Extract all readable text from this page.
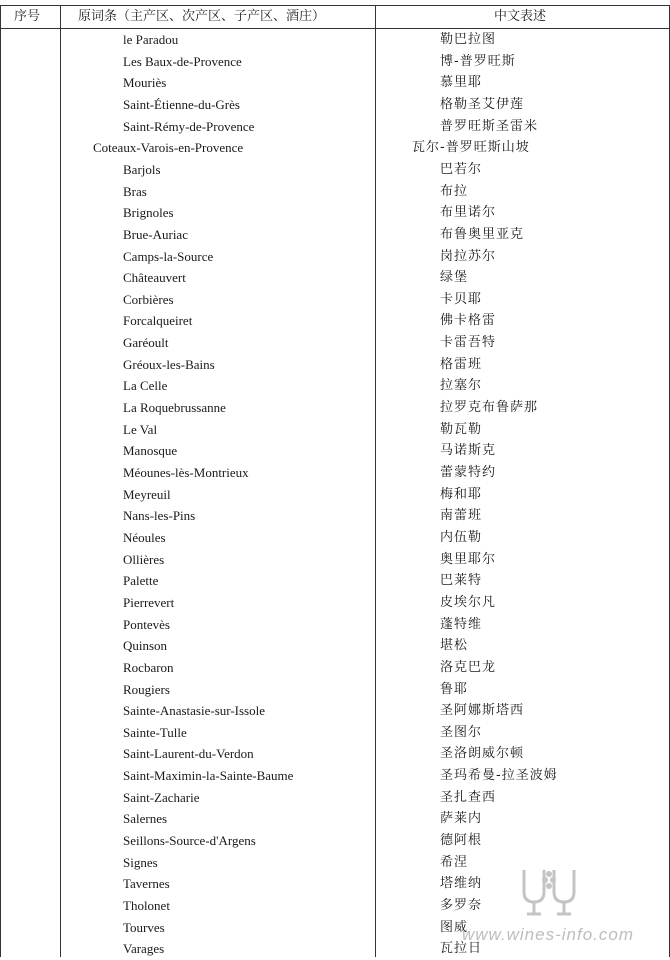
序号	原词条（主产区、次产区、子产区、酒庄）	中文表述
le Paradou	勒巴拉图
Les Baux-de-Provence	博-普罗旺斯
Mouriès	慕里耶
Saint-Étienne-du-Grès	格勒圣艾伊莲
Saint-Rémy-de-Provence	普罗旺斯圣雷米
Coteaux-Varois-en-Provence	瓦尔-普罗旺斯山坡
Barjols	巴若尔
Bras	布拉
Brignoles	布里诺尔
Brue-Auriac	布鲁奥里亚克
Camps-la-Source	岗拉苏尔
Châteauvert	绿堡
Corbières	卡贝耶
Forcalqueiret	佛卡格雷
Garéoult	卡雷吾特
Gréoux-les-Bains	格雷班
La Celle	拉塞尔
La Roquebrussanne	拉罗克布鲁萨那
Le Val	勒瓦勒
Manosque	马诺斯克
Méounes-lès-Montrieux	蕾蒙特约
Meyreuil	梅和耶
Nans-les-Pins	南蕾班
Néoules	内伍勒
Ollières	奥里耶尔
Palette	巴莱特
Pierrevert	皮埃尔凡
Pontevès	蓬特维
Quinson	堪松
Rocbaron	洛克巴龙
Rougiers	鲁耶
Sainte-Anastasie-sur-Issole	圣阿娜斯塔西
Sainte-Tulle	圣图尔
Saint-Laurent-du-Verdon	圣洛朗威尔顿
Saint-Maximin-la-Sainte-Baume	圣玛希曼-拉圣波姆
Saint-Zacharie	圣扎查西
Salernes	萨莱内
Seillons-Source-d'Argens	德阿根
Signes	希涅
Tavernes	塔维纳
Tholonet	多罗奈
Tourves	图威
Varages	瓦拉日
www.wines-info.com
